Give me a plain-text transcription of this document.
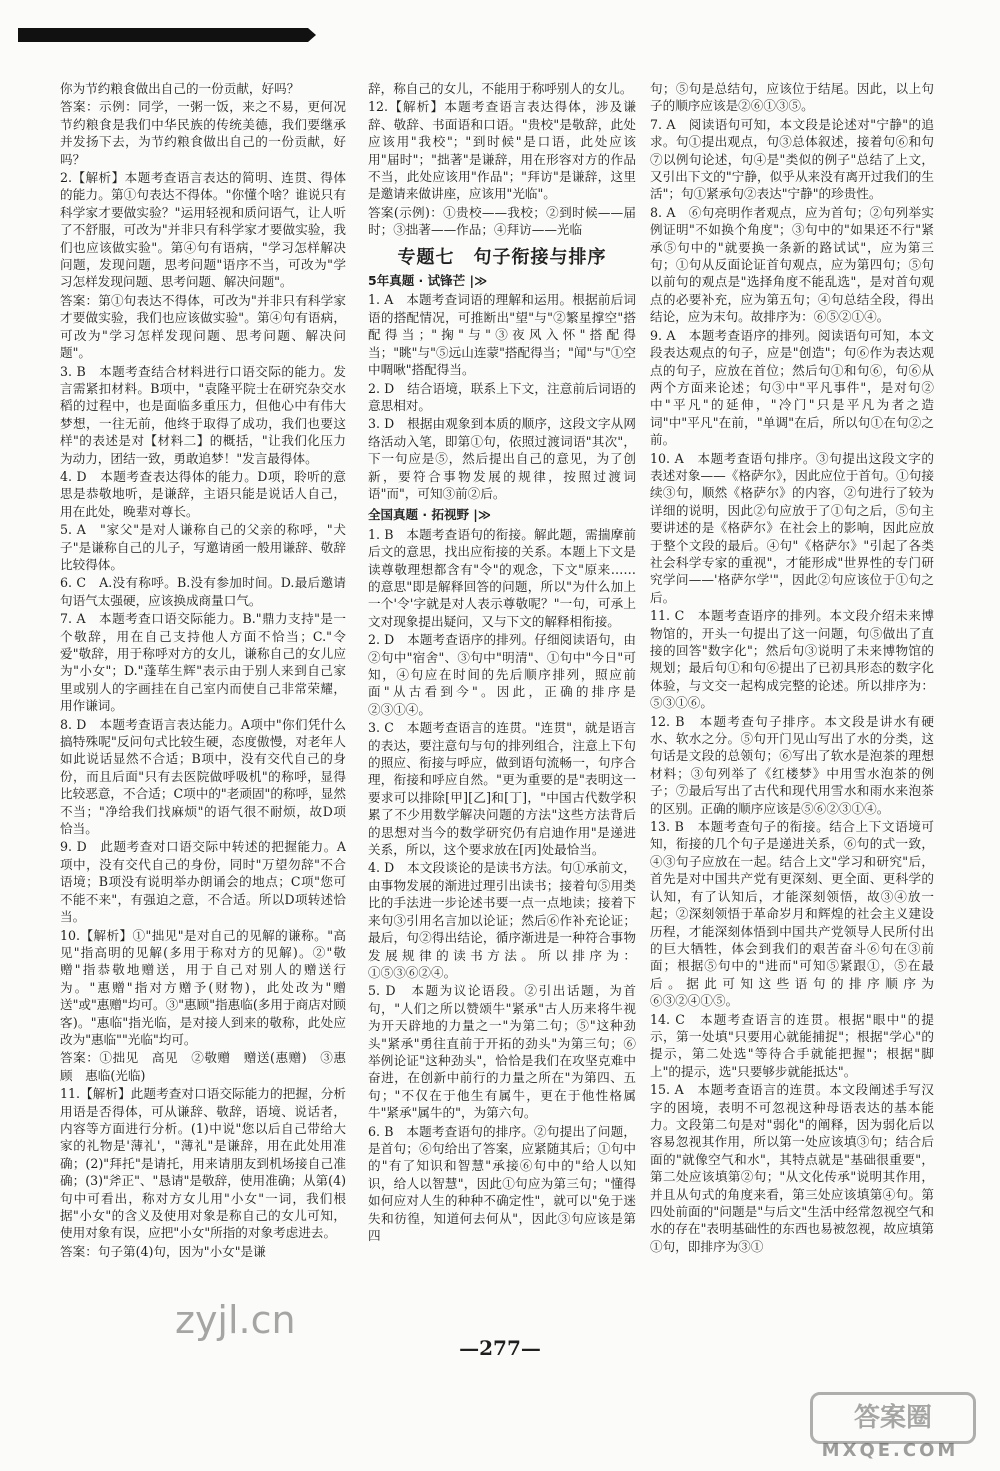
你为节约粮食做出自己的一份贡献，好吗？

答案：示例：同学，一粥一饭，来之不易，更何况节约粮食是我们中华民族的传统美德，我们要继承并发扬下去，为节约粮食做出自己的一份贡献，好吗？

2.【解析】本题考查语言表达的简明、连贯、得体的能力。第①句表达不得体。"你懂个啥？谁说只有科学家才要做实验？"运用轻视和质问语气，让人听了不舒服，可改为"并非只有科学家才要做实验，我们也应该做实验"。第④句有语病，"学习怎样解决问题，发现问题，思考问题"语序不当，可改为"学习怎样发现问题、思考问题、解决问题"。

答案：第①句表达不得体，可改为"并非只有科学家才要做实验，我们也应该做实验"。第④句有语病，可改为"学习怎样发现问题、思考问题、解决问题"。

3. B　本题考查结合材料进行口语交际的能力。发言需紧扣材料。B项中，"袁隆平院士在研究杂交水稻的过程中，也是面临多重压力，但他心中有伟大梦想，一往无前，他终于取得了成功，我们也要这样"的表述是对【材料二】的概括，"让我们化压力为动力，团结一致，勇敢追梦！"发言最得体。

4. D　本题考查表达得体的能力。D项，聆听的意思是恭敬地听，是谦辞，主语只能是说话人自己，用在此处，晚辈对尊长。

5. A　"家父"是对人谦称自己的父亲的称呼，"犬子"是谦称自己的儿子，写邀请函一般用谦辞、敬辞比较得体。

6. C　A.没有称呼。B.没有参加时间。D.最后邀请句语气太强硬，应该换成商量口气。

7. A　本题考查口语交际能力。B."鼎力支持"是一个敬辞，用在自己支持他人方面不恰当；C."令爱"敬辞，用于称呼对方的女儿，谦称自己的女儿应为"小女"；D."蓬荜生辉"表示由于别人来到自己家里或别人的字画挂在自己室内而使自己非常荣耀，用作谦词。

8. D　本题考查语言表达能力。A项中"你们凭什么搞特殊呢"反问句式比较生硬，态度傲慢，对老年人如此说话显然不合适；B项中，没有交代自己的身份，而且后面"只有去医院做呼吸机"的称呼，显得比较恶意，不合适；C项中的"老顽固"的称呼，显然不当；"净给我们找麻烦"的语气很不耐烦，故D项恰当。

9. D　此题考查对口语交际中转述的把握能力。A项中，没有交代自己的身份，同时"万望勿辞"不合语境；B项没有说明举办朗诵会的地点；C项"您可不能不来"，有强迫之意，不合适。所以D项转述恰当。

10.【解析】①"拙见"是对自己的见解的谦称。"高见"指高明的见解(多用于称对方的见解)。②"敬赠"指恭敬地赠送，用于自己对别人的赠送行为。"惠赠"指对方赠予(财物)，此处改为"赠送"或"惠赠"均可。③"惠顾"指惠临(多用于商店对顾客)。"惠临"指光临，是对接人到来的敬称，此处应改为"惠临""光临"均可。

答案：①拙见　高见　②敬赠　赠送(惠赠)　③惠顾　惠临(光临)

11.【解析】此题考查对口语交际能力的把握，分析用语是否得体，可从谦辞、敬辞，语境、说话者，内容等方面进行分析。(1)中说"您以后自己带给大家的礼物是'薄礼'，"薄礼"是谦辞，用在此处用准确；(2)"拜托"是请托，用来请朋友到机场接自己准确；(3)"斧正"、"恳请"是敬辞，使用准确；从第(4)句中可看出，称对方女儿用"小女"一词，我们根据"小女"的含义及使用对象是称自己的女儿可知，使用对象有误，应把"小女"所指的对象考虑进去。

答案：句子第(4)句，因为"小女"是谦

辞，称自己的女儿，不能用于称呼别人的女儿。

12.【解析】本题考查语言表达得体，涉及谦辞、敬辞、书面语和口语。"贵校"是敬辞，此处应该用"我校"；"到时候"是口语，此处应该用"届时"；"拙著"是谦辞，用在形容对方的作品不当，此处应该用"作品"；"拜访"是谦辞，这里是邀请来做讲座，应该用"光临"。

答案(示例)：①贵校——我校；②到时候——届时；③拙著——作品；④拜访——光临

专题七　句子衔接与排序
5年真题 · 试锋芒 |≫

1. A　本题考查词语的理解和运用。根据前后词语的搭配情况，可推断出"望"与"②繁星撑空"搭配得当；"掬"与"③夜风入怀"搭配得当；"眺"与"⑤远山连蒙"搭配得当；"闻"与"①空中啁啾"搭配得当。

2. D　结合语境，联系上下文，注意前后词语的意思相对。

3. D　根据由观象到本质的顺序，这段文字从网络活动入笔，即第①句，依照过渡词语"其次"，下一句应是⑤，然后提出自己的意见，为了创新，要符合事物发展的规律，按照过渡词语"而"，可知③前②后。

全国真题 · 拓视野 |≫

1. B　本题考查语句的衔接。解此题，需揣摩前后文的意思，找出应衔接的关系。本题上下文是读尊敬理想都含有"令"的观念，下文"原来……的意思"即是解释回答的问题，所以"为什么加上一个'令'字就是对人表示尊敬呢？"一句，可承上文对现象提出疑问，又与下文的解释相衔接。

2. D　本题考查语序的排列。仔细阅读语句，由②句中"宿舍"、③句中"明清"、①句中"今日"可知，④句应在时间的先后顺序排列，照应前面"从古看到今"。因此，正确的排序是②③①④。

3. C　本题考查语言的连贯。"连贯"，就是语言的表达，要注意句与句的排列组合，注意上下句的照应、衔接与呼应，做到语句流畅一，句序合理，衔接和呼应自然。"更为重要的是"表明这一要求可以排除[甲][乙]和[丁]，"中国古代数学积累了不少用数学解决问题的方法"这些方法背后的思想对当今的数学研究仍有启迪作用"是递进关系，所以，这个要求放在[丙]处最恰当。

4. D　本文段谈论的是读书方法。句①承前文，由事物发展的渐进过理引出读书；接着句⑤用类比的手法进一步论述书要一点一点地读；接着下来句③引用名言加以论证；然后⑥作补充论证；最后，句②得出结论，循序渐进是一种符合事物发展规律的读书方法。所以排序为：①⑤③⑥②④。

5. D　本题为议论语段。②引出话题，为首句，"人们之所以赞颂牛"紧承"古人历来将牛视为开天辟地的力量之一"为第二句；⑤"这种劲头"紧承"勇往直前于开拓的劲头"为第三句；⑥举例论证"这种劲头"，恰恰是我们在攻坚克难中奋进，在创新中前行的力量之所在"为第四、五句；"不仅在于他生有属牛，更在于他性格属牛"紧承"属牛的"，为第六句。

6. B　本题考查语句的排序。②句提出了问题，是首句；⑥句给出了答案，应紧随其后；①句中的"有了知识和智慧"承接⑥句中的"给人以知识，给人以智慧"，因此①句应为第三句；"懂得如何应对人生的种种不确定性"，就可以"免于迷失和彷徨，知道何去何从"，因此③句应该是第四

句；⑤句是总结句，应该位于结尾。因此，以上句子的顺序应该是②⑥①③⑤。

7. A　阅读语句可知，本文段是论述对"宁静"的追求。句①提出观点，句③总体叙述，接着句⑥和句⑦以例句论述，句④是"类似的例子"总结了上文，又引出下文的"宁静，似乎从来没有离开过我们的生活"；句①紧承句②表达"宁静"的珍贵性。

8. A　⑥句亮明作者观点，应为首句；②句列举实例证明"不如换个角度"；③句中的"如果还不行"紧承⑤句中的"就要换一条新的路试试"，应为第三句；①句从反面论证首句观点，应为第四句；⑤句以前句的观点是"选择角度不能乱选"，是对首句观点的必要补充，应为第五句；④句总结全段，得出结论，应为末句。故排序为：⑥⑤②①④。

9. A　本题考查语序的排列。阅读语句可知，本文段表达观点的句子，应是"创造"；句⑥作为表达观点的句子，应放在首位；然后句①和句⑥，句⑥从两个方面来论述；句③中"平凡事件"，是对句②中"平凡"的延伸，"冷门"只是平凡为者之造词"中"平凡"在前，"单调"在后，所以句①在句②之前。

10. A　本题考查语句排序。③句提出这段文字的表述对象——《格萨尔》，因此应位于首句。①句接续③句，顺然《格萨尔》的内容，②句进行了较为详细的说明，因此②句应放于了①句之后，⑤句主要讲述的是《格萨尔》在社会上的影响，因此应放于整个文段的最后。④句"《格萨尔》"引起了各类社会科学专家的重视"，才能形成"世界性的专门研究学问——'格萨尔学'"，因此②句应该位于①句之后。

11. C　本题考查语序的排列。本文段介绍未来博物馆的，开头一句提出了这一问题，句⑤做出了直接的回答"数字化"；然后句③说明了未来博物馆的规划；最后句①和句⑥提出了已初具形态的数字化体验，与文交一起构成完整的论述。所以排序为：⑤③①⑥。

12. B　本题考查句子排序。本文段是讲水有硬水、软水之分。⑤句开门见山写出了水的分类，这句话是文段的总领句；⑥写出了软水是泡茶的理想材料；③句列举了《红楼梦》中用雪水泡茶的例子；⑦最后写出了古代和现代用雪水和雨水来泡茶的区别。正确的顺序应该是⑤⑥②③①④。

13. B　本题考查句子的衔接。结合上下文语境可知，衔接的几个句子是递进关系，⑥句的式一致，④③句子应放在一起。结合上文"学习和研究"后，首先是对中国共产党有更深刻、更全面、更科学的认知，有了认知后，才能深刻领悟，故③④放一起；②深刻领悟于革命岁月和辉煌的社会主义建设历程，才能深刻体悟到中国共产党领导人民所付出的巨大牺牲，体会到我们的艰苦奋斗⑥句在③前面；根据⑤句中的"进而"可知⑤紧跟①，⑤在最后。据此可知这些语句的排序顺序为⑥③②④①⑤。

14. C　本题考查语言的连贯。根据"眼中"的提示，第一处填"只要用心就能捕捉"；根据"学心"的提示，第二处选"等待合手就能把握"；根据"脚上"的提示，选"只要够步就能抵达"。

15. A　本题考查语言的连贯。本文段阐述手写汉字的困境，表明不可忽视这种母语表达的基本能力。文段第二句是对"弱化"的阐释，因为弱化后以容易忽视其作用，所以第一处应该填③句；结合后面的"就像空气和水"，其特点就是"基础很重要"，第二处应该填第②句；"从文化传承"说明其作用，并且从句式的角度来看，第三处应该填第④句。第四处前面的"问题是"与后文"生活中经常忽视空气和水的存在"表明基础性的东西也易被忽视，故应填第①句，即排序为③①

—277—
zyjl.cn
答案圈
MXQE.COM
